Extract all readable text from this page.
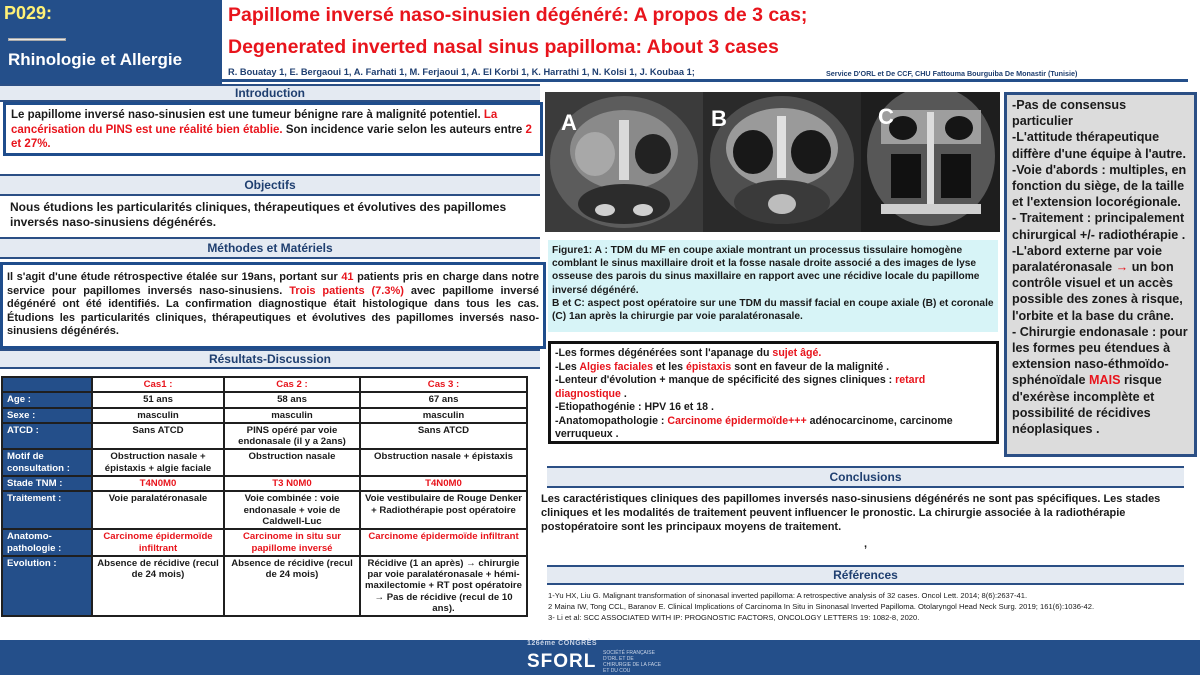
P029:
Rhinologie et Allergie
Papillome inversé naso-sinusien dégénéré: A propos de 3 cas;
Degenerated inverted nasal sinus papilloma: About 3 cases
R. Bouatay 1, E. Bergaoui 1, A. Farhati 1, M. Ferjaoui 1, A. El Korbi 1, K. Harrathi 1, N. Kolsi 1, J. Koubaa 1;	Service D'ORL et De CCF, CHU Fattouma Bourguiba De Monastir (Tunisie)
Introduction
Le papillome inversé naso-sinusien est une tumeur bénigne rare à malignité potentiel. La cancérisation du PINS est une réalité bien établie. Son incidence varie selon les auteurs entre 2 et 27%.
Objectifs
Nous étudions les particularités cliniques, thérapeutiques et évolutives des papillomes inversés naso-sinusiens dégénérés.
Méthodes et Matériels
Il s'agit d'une étude rétrospective étalée sur 19ans, portant sur 41 patients pris en charge dans notre service pour papillomes inversés naso-sinusiens. Trois patients (7.3%) avec papillome inversé dégénéré ont été identifiés. La confirmation diagnostique était histologique dans tous les cas. Étudions les particularités cliniques, thérapeutiques et évolutives des papillomes inversés naso-sinusiens dégénérés.
Résultats-Discussion
	Cas1 :	Cas 2 :	Cas 3 :
Age :	51 ans	58 ans	67 ans
Sexe :	masculin	masculin	masculin
ATCD :	Sans ATCD	PINS opéré par voie endonasale (il y a 2ans)	Sans ATCD
Motif de consultation :	Obstruction nasale + épistaxis + algie faciale	Obstruction nasale	Obstruction nasale + épistaxis
Stade TNM :	T4N0M0	T3 N0M0	T4N0M0
Traitement :	Voie paralatéronasale	Voie combinée : voie endonasale + voie de Caldwell-Luc	Voie vestibulaire de Rouge Denker + Radiothérapie post opératoire
Anatomo-pathologie :	Carcinome épidermoïde infiltrant	Carcinome in situ sur papillome inversé	Carcinome épidermoïde infiltrant
Evolution :	Absence de récidive (recul de 24 mois)	Absence de récidive (recul de 24 mois)	Récidive (1 an après) → chirurgie par voie paralatéronasale + hémi-maxilectomie + RT post opératoire → Pas de récidive (recul de 10 ans).
A	B	C
Figure1: A : TDM du MF en coupe axiale montrant un processus tissulaire homogène comblant le sinus maxillaire droit et la fosse nasale droite associé a des images de lyse osseuse des parois du sinus maxillaire en rapport avec une récidive locale du papillome inversé dégénéré.
B et C: aspect post opératoire sur une TDM du massif facial en coupe axiale (B) et coronale (C) 1an après la chirurgie par voie paralatéronasale.
-Les formes dégénérées sont l'apanage du sujet âgé.
-Les Algies faciales et les épistaxis sont en faveur de la malignité .
-Lenteur d'évolution + manque de spécificité des signes cliniques : retard diagnostique .
-Etiopathogénie : HPV 16 et 18 .
-Anatomopathologie : Carcinome épidermoïde+++ adénocarcinome, carcinome verruqueux .
-Pas de consensus particulier
-L'attitude thérapeutique diffère d'une équipe à l'autre.
-Voie d'abords : multiples, en fonction du siège, de la taille et l'extension locorégionale.
- Traitement : principalement chirurgical +/- radiothérapie .
-L'abord externe par voie paralatéronasale → un bon contrôle visuel et un accès possible des zones à risque, l'orbite et la base du crâne.
- Chirurgie endonasale : pour les formes peu étendues à extension naso-éthmoïdo-sphénoïdale MAIS risque d'exérèse incomplète et possibilité de récidives néoplasiques .
Conclusions
Les caractéristiques cliniques des papillomes inversés naso-sinusiens dégénérés ne sont pas spécifiques. Les stades cliniques et les modalités de traitement peuvent influencer le pronostic. La chirurgie associée à la radiothérapie postopératoire sont les principaux moyens de traitement.
,
Références
1-Yu HX, Liu G. Malignant transformation of sinonasal inverted papilloma: A retrospective analysis of 32 cases. Oncol Lett. 2014; 8(6):2637-41.
2 Maina IW, Tong CCL, Baranov E. Clinical Implications of Carcinoma In Situ in Sinonasal Inverted Papilloma. Otolaryngol Head Neck Surg. 2019; 161(6):1036-42.
3- Li et al: SCC ASSOCIATED WITH IP: PROGNOSTIC FACTORS, ONCOLOGY LETTERS 19: 1082-8, 2020.
126ème CONGRÈS
SFORL SOCIÉTÉ FRANÇAISE D'ORL ET DE CHIRURGIE DE LA FACE ET DU COU
